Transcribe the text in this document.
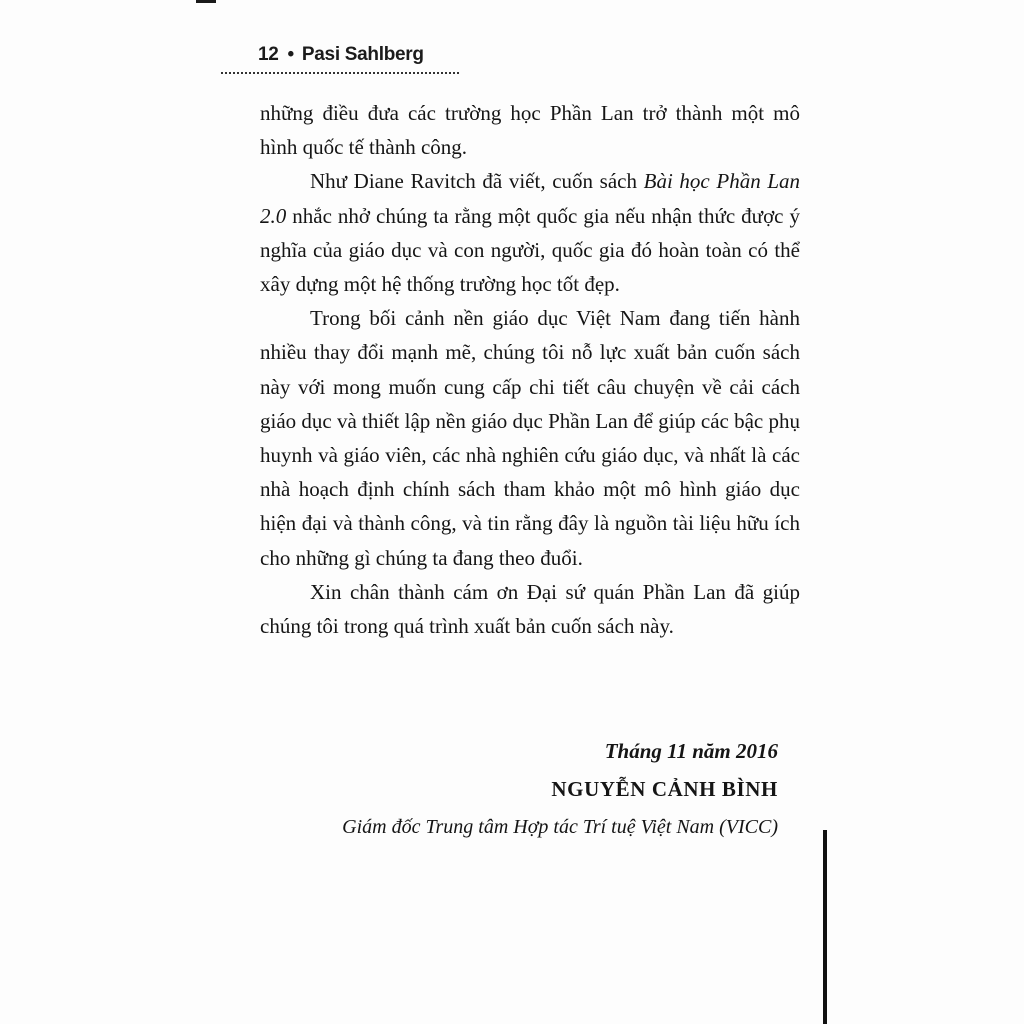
12 • Pasi Sahlberg

những điều đưa các trường học Phần Lan trở thành một mô hình quốc tế thành công.

Như Diane Ravitch đã viết, cuốn sách Bài học Phần Lan 2.0 nhắc nhở chúng ta rằng một quốc gia nếu nhận thức được ý nghĩa của giáo dục và con người, quốc gia đó hoàn toàn có thể xây dựng một hệ thống trường học tốt đẹp.

Trong bối cảnh nền giáo dục Việt Nam đang tiến hành nhiều thay đổi mạnh mẽ, chúng tôi nỗ lực xuất bản cuốn sách này với mong muốn cung cấp chi tiết câu chuyện về cải cách giáo dục và thiết lập nền giáo dục Phần Lan để giúp các bậc phụ huynh và giáo viên, các nhà nghiên cứu giáo dục, và nhất là các nhà hoạch định chính sách tham khảo một mô hình giáo dục hiện đại và thành công, và tin rằng đây là nguồn tài liệu hữu ích cho những gì chúng ta đang theo đuổi.

Xin chân thành cám ơn Đại sứ quán Phần Lan đã giúp chúng tôi trong quá trình xuất bản cuốn sách này.

Tháng 11 năm 2016
NGUYỄN CẢNH BÌNH
Giám đốc Trung tâm Hợp tác Trí tuệ Việt Nam (VICC)
